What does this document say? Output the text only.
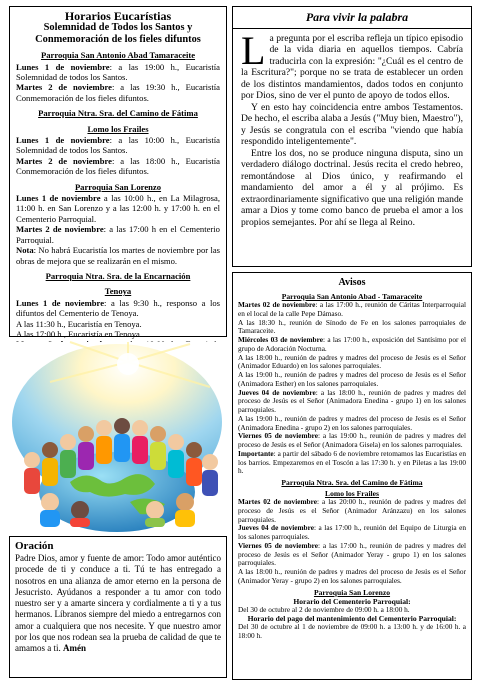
Horarios Eucarístias

Solemnidad de Todos los Santos y Conmemoración de los fieles difuntos

Parroquia San Antonio Abad Tamaraceite

Lunes 1 de noviembre: a las 19:00 h., Eucaristía Solemnidad de todos los Santos.

Martes 2 de noviembre: a las 19:30 h., Eucaristía Conmemoración de los fieles difuntos.

Parroquia Ntra. Sra. del Camino de Fátima

Lomo los Frailes

Lunes 1 de noviembre: a las 10:00 h., Eucaristía Solemnidad de todos los Santos.

Martes 2 de noviembre: a las 18:00 h., Eucaristía Conmemoración de los fieles difuntos.

Parroquia San Lorenzo

Lunes 1 de noviembre a las 10:00 h., en La Milagrosa, 11:00 h. en San Lorenzo y a las 12:00 h. y 17:00 h. en el Cementerio Parroquial.

Martes 2 de noviembre: a las 17:00 h en el Cementerio Parroquial.

Nota: No habrá Eucaristía los martes de noviembre por las obras de mejora que se realizarán en el mismo.

Parroquia Ntra. Sra. de la Encarnación

Tenoya

Lunes 1 de noviembre: a las 9:30 h., responso a los difuntos del Cementerio de Tenoya.

A las 11:30 h., Eucaristía en Tenoya.

A las 17:00 h., Eucaristía en Tenoya.

Oración

Padre Dios, amor y fuente de amor: Todo amor auténtico procede de ti y conduce a ti. Tú te has entregado a nosotros en una alianza de amor eterno en la persona de Jesucristo. Ayúdanos a responder a tu amor con todo nuestro ser y a amarte sincera y cordialmente a ti y a tus hermanos. Líbranos siempre del miedo a entregarnos con amor a cualquiera que nos necesite. Y que nuestro amor por los que nos rodean sea la prueba de calidad de que te amamos a ti. Amén

Para vivir la palabra

L a pregunta por el escriba refleja un típico episodio de la vida diaria en aquellos tiempos. Cabría traducirla con la expresión: "¿Cuál es el centro de la Escritura?"; porque no se trata de establecer un orden de los distintos mandamientos, dados todos en conjunto por Dios, sino de ver el punto de apoyo de todos ellos.

Y en esto hay coincidencia entre ambos Testamentos. De hecho, el escriba alaba a Jesús ("Muy bien, Maestro"), y Jesús se congratula con el escriba "viendo que había respondido inteligentemente".

Entre los dos, no se produce ninguna disputa, sino un verdadero diálogo doctrinal. Jesús recita el credo hebreo, remontándose al Dios único, y reafirmando el mandamiento del amor a él y al prójimo. Es extraordinariamente significativo que una religión mande amar a Dios y tome como banco de prueba el amor a los propios semejantes. Por ahí se llega al Reino.

Avisos

Parroquia San Antonio Abad - Tamaraceite

Martes 02 de noviembre: a las 17:00 h., reunión de Cáritas Interparroquial en el local de la calle Pepe Dámaso.

A las 18:30 h., reunión de Sínodo de Fe en los salones parroquiales de Tamaraceite.

Miércoles 03 de noviembre: a las 17:00 h., exposición del Santísimo por el grupo de Adoración Nocturna.

A las 18:00 h., reunión de padres y madres del proceso de Jesús es el Señor (Animador Eduardo) en los salones parroquiales.

A las 19:00 h., reunión de padres y madres del proceso de Jesús es el Señor (Animadora Esther) en los salones parroquiales.

Jueves 04 de noviembre: a las 18:00 h., reunión de padres y madres del proceso de Jesús es el Señor (Animadora Enedina - grupo 1) en los salones parroquiales.

A las 19:00 h., reunión de padres y madres del proceso de Jesús es el Señor (Animadora Enedina - grupo 2) en los salones parroquiales.

Viernes 05 de noviembre: a las 19:00 h., reunión de padres y madres del proceso de Jesús es el Señor (Animadora Gisela) en los salones parroquiales.

Importante: a partir del sábado 6 de noviembre retomamos las Eucaristías en los barrios. Empezaremos en el Toscón a las 17:30 h. y en Piletas a las 19:00 h.

Parroquia Ntra. Sra. del Camino de Fátima

Lomo los Frailes

Martes 02 de noviembre: a las 20:00 h., reunión de padres y madres del proceso de Jesús es el Señor (Animador Aránzazu) en los salones parroquiales.

Jueves 04 de noviembre: a las 17:00 h., reunión del Equipo de Liturgia en los salones parroquiales.

Viernes 05 de noviembre: a las 17:00 h., reunión de padres y madres del proceso de Jesús es el Señor (Animador Yeray - grupo 1) en los salones parroquiales.

A las 18:00 h., reunión de padres y madres del proceso de Jesús es el Señor (Animador Yeray - grupo 2) en los salones parroquiales.

Parroquia San Lorenzo

Horario del Cementerio Parroquial:

Del 30 de octubre al 2 de noviembre de 09:00 h. a 18:00 h.

Horario del pago del mantenimiento del Cementerio Parroquial:

Del 30 de octubre al 1 de noviembre de 09:00 h. a 13:00 h. y de 16:00 h. a 18:00 h.
